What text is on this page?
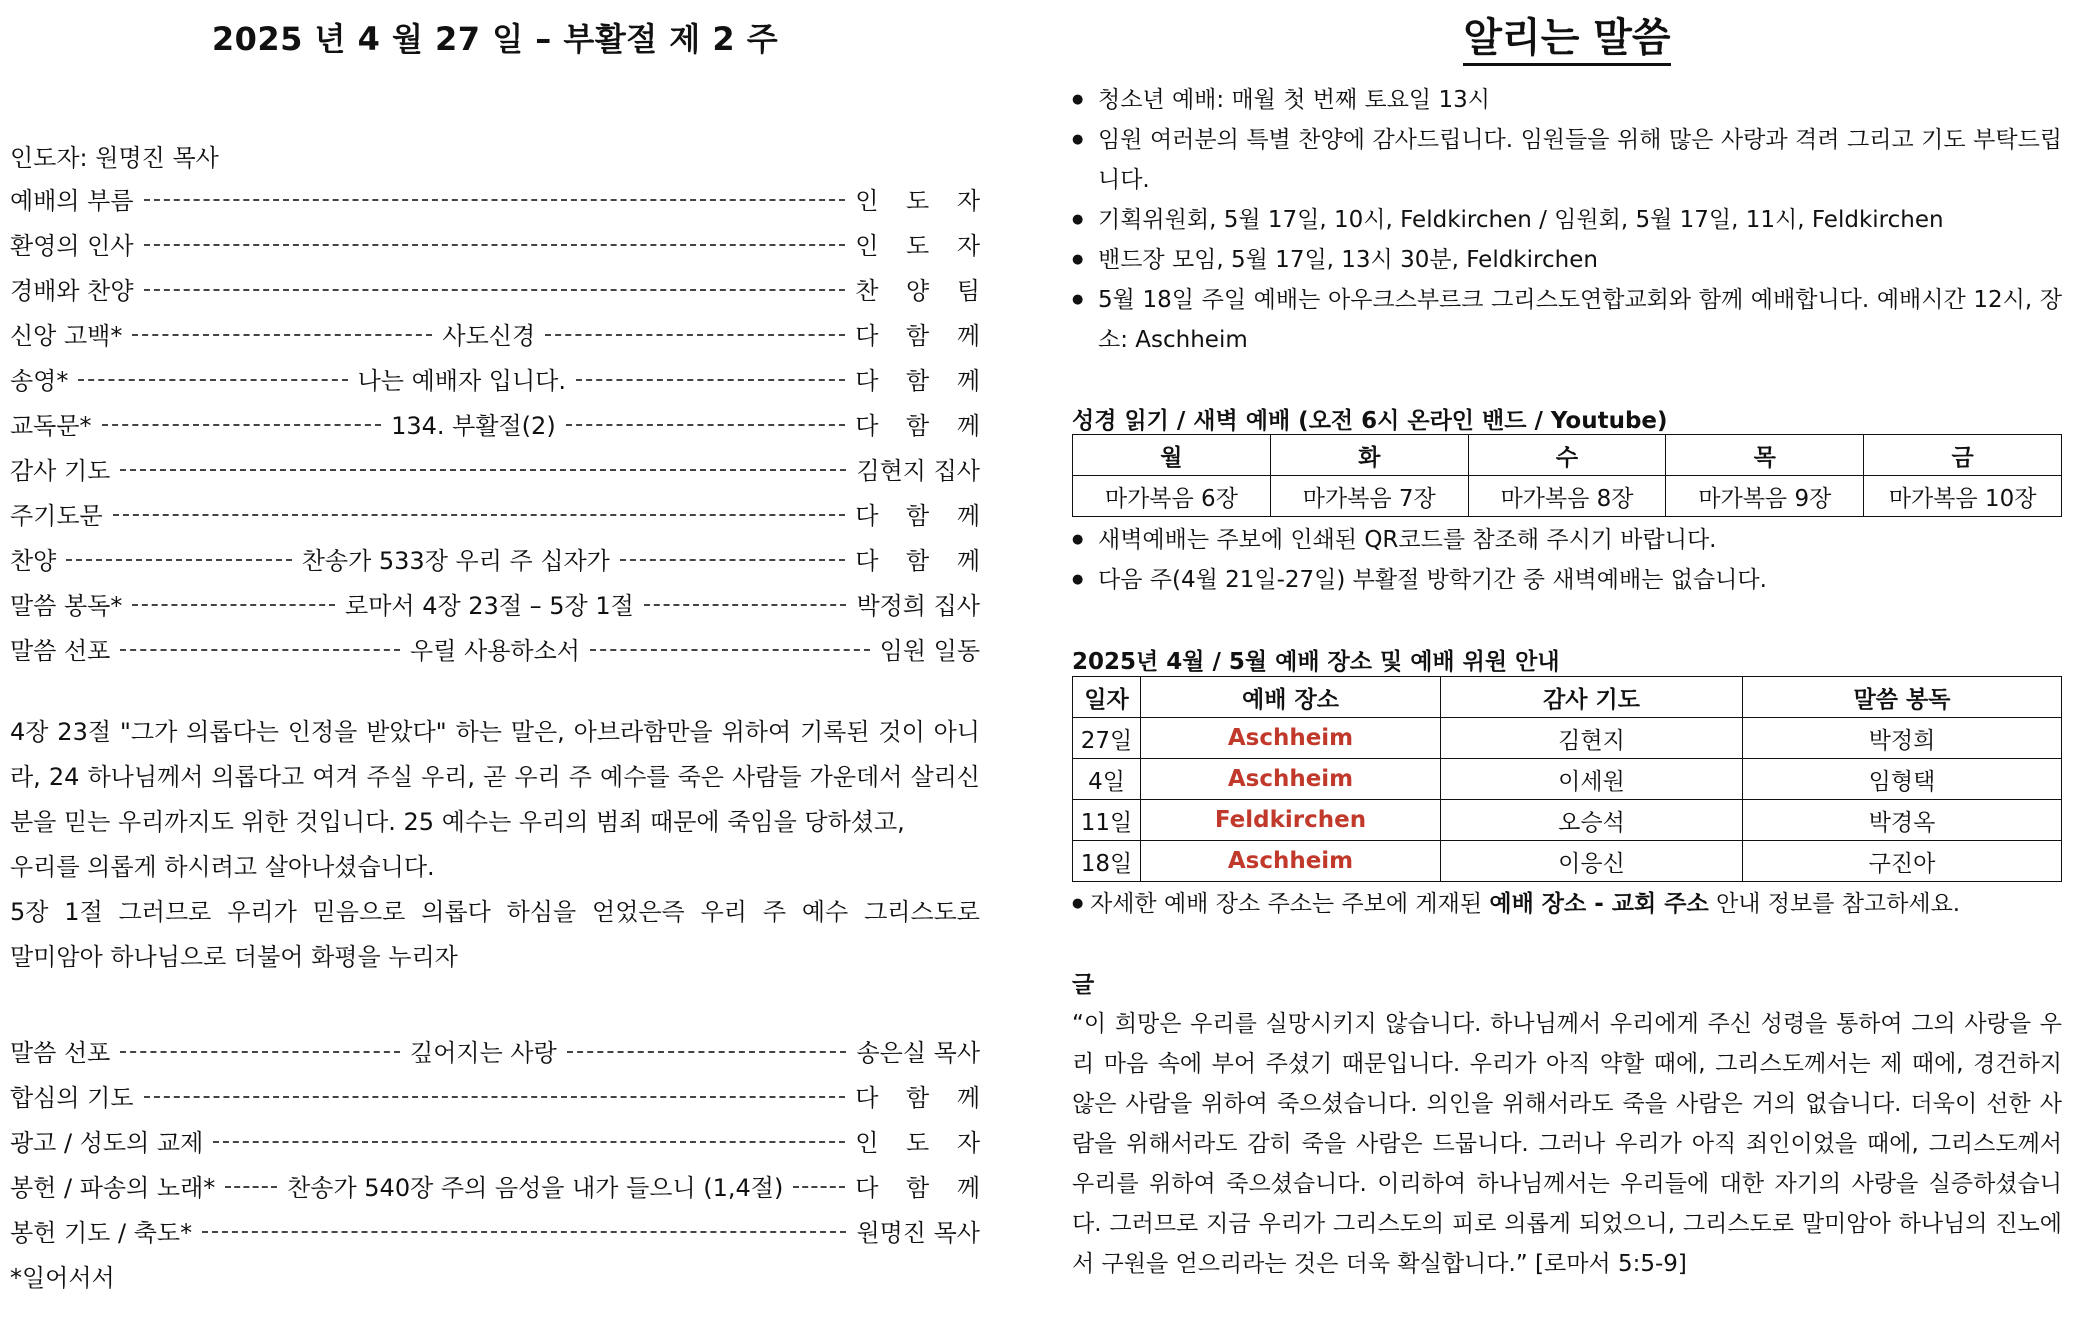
2025 년 4 월 27 일 – 부활절 제 2 주
인도자: 원명진 목사
예배의 부름	인 도 자
환영의 인사	인 도 자
경배와 찬양	찬 양 팀
신앙 고백*	사도신경	다 함 께
송영*	나는 예배자 입니다.	다 함 께
교독문*	134. 부활절(2)	다 함 께
감사 기도	김현지 집사
주기도문	다 함 께
찬양	찬송가 533장 우리 주 십자가	다 함 께
말씀 봉독*	로마서 4장 23절 – 5장 1절	박정희 집사
말씀 선포	우릴 사용하소서	임원 일동

4장 23절 "그가 의롭다는 인정을 받았다" 하는 말은, 아브라함만을 위하여 기록된 것이 아니라, 24 하나님께서 의롭다고 여겨 주실 우리, 곧 우리 주 예수를 죽은 사람들 가운데서 살리신 분을 믿는 우리까지도 위한 것입니다. 25 예수는 우리의 범죄 때문에 죽임을 당하셨고,

우리를 의롭게 하시려고 살아나셨습니다.

5장 1절 그러므로 우리가 믿음으로 의롭다 하심을 얻었은즉 우리 주 예수 그리스도로

말미암아 하나님으로 더불어 화평을 누리자

말씀 선포	깊어지는 사랑	송은실 목사
합심의 기도	다 함 께
광고 / 성도의 교제	인 도 자
봉헌 / 파송의 노래*	찬송가 540장 주의 음성을 내가 들으니 (1,4절)	다 함 께
봉헌 기도 / 축도*	원명진 목사
*일어서서
알리는 말씀
● 청소년 예배: 매월 첫 번째 토요일 13시
● 임원 여러분의 특별 찬양에 감사드립니다. 임원들을 위해 많은 사랑과 격려 그리고 기도 부탁드립니다.
● 기획위원회, 5월 17일, 10시, Feldkirchen / 임원회, 5월 17일, 11시, Feldkirchen
● 밴드장 모임, 5월 17일, 13시 30분, Feldkirchen
● 5월 18일 주일 예배는 아우크스부르크 그리스도연합교회와 함께 예배합니다. 예배시간 12시, 장소: Aschheim
성경 읽기 / 새벽 예배 (오전 6시 온라인 밴드 / Youtube)
월	화	수	목	금
마가복음 6장	마가복음 7장	마가복음 8장	마가복음 9장	마가복음 10장
● 새벽예배는 주보에 인쇄된 QR코드를 참조해 주시기 바랍니다.
● 다음 주(4월 21일-27일) 부활절 방학기간 중 새벽예배는 없습니다.
2025년 4월 / 5월 예배 장소 및 예배 위원 안내
일자	예배 장소	감사 기도	말씀 봉독
27일	Aschheim	김현지	박정희
4일	Aschheim	이세원	임형택
11일	Feldkirchen	오승석	박경옥
18일	Aschheim	이응신	구진아
● 자세한 예배 장소 주소는 주보에 게재된 예배 장소 - 교회 주소 안내 정보를 참고하세요.
글
“이 희망은 우리를 실망시키지 않습니다. 하나님께서 우리에게 주신 성령을 통하여 그의 사랑을 우리 마음 속에 부어 주셨기 때문입니다. 우리가 아직 약할 때에, 그리스도께서는 제 때에, 경건하지 않은 사람을 위하여 죽으셨습니다. 의인을 위해서라도 죽을 사람은 거의 없습니다. 더욱이 선한 사람을 위해서라도 감히 죽을 사람은 드뭅니다. 그러나 우리가 아직 죄인이었을 때에, 그리스도께서 우리를 위하여 죽으셨습니다. 이리하여 하나님께서는 우리들에 대한 자기의 사랑을 실증하셨습니다. 그러므로 지금 우리가 그리스도의 피로 의롭게 되었으니, 그리스도로 말미암아 하나님의 진노에서 구원을 얻으리라는 것은 더욱 확실합니다.” [로마서 5:5-9]
